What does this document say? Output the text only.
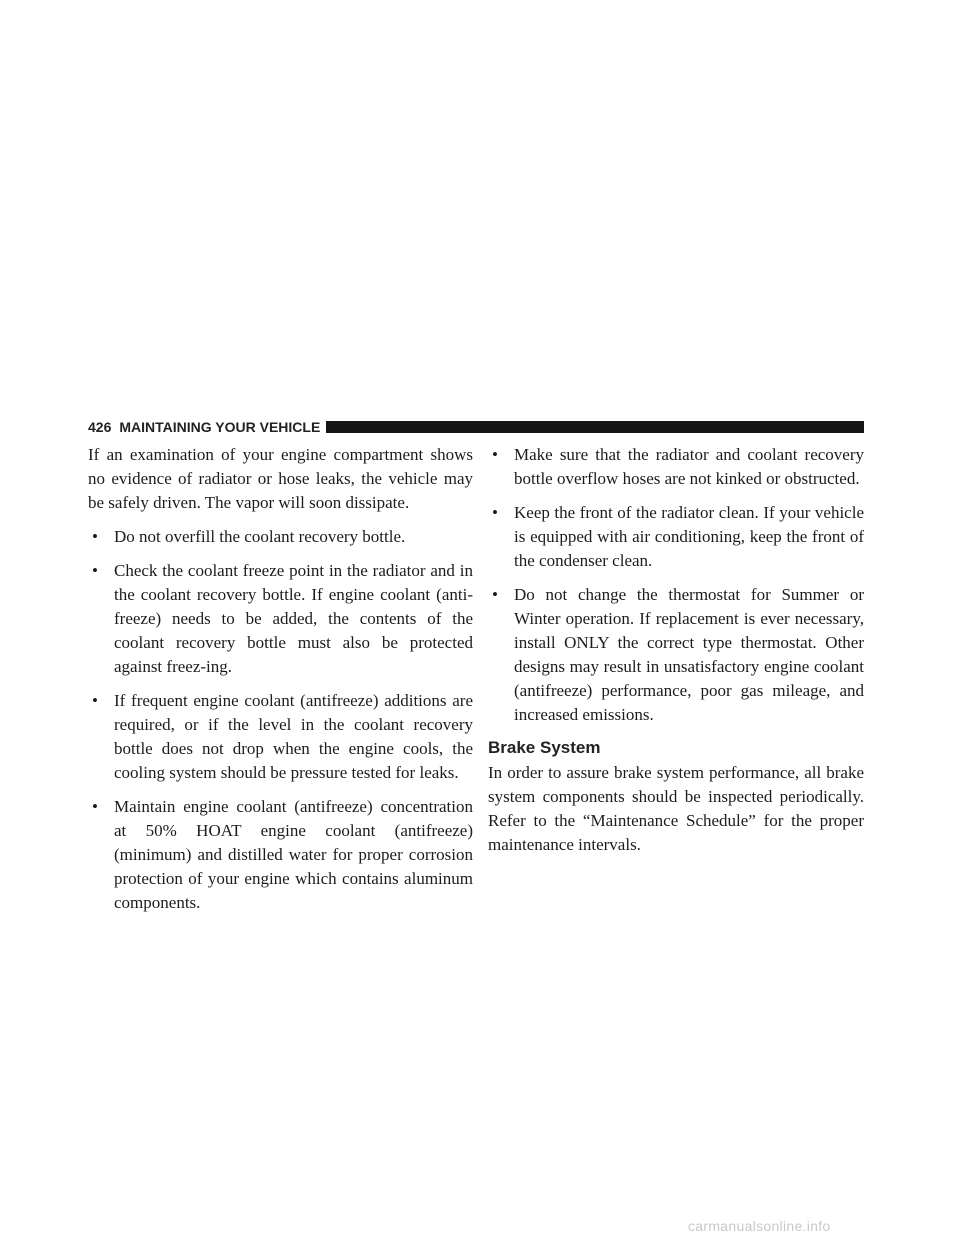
426 MAINTAINING YOUR VEHICLE

If an examination of your engine compartment shows no evidence of radiator or hose leaks, the vehicle may be safely driven. The vapor will soon dissipate.

• Do not overfill the coolant recovery bottle.
• Check the coolant freeze point in the radiator and in the coolant recovery bottle. If engine coolant (anti-freeze) needs to be added, the contents of the coolant recovery bottle must also be protected against freez-ing.
• If frequent engine coolant (antifreeze) additions are required, or if the level in the coolant recovery bottle does not drop when the engine cools, the cooling system should be pressure tested for leaks.
• Maintain engine coolant (antifreeze) concentration at 50% HOAT engine coolant (antifreeze) (minimum) and distilled water for proper corrosion protection of your engine which contains aluminum components.
• Make sure that the radiator and coolant recovery bottle overflow hoses are not kinked or obstructed.
• Keep the front of the radiator clean. If your vehicle is equipped with air conditioning, keep the front of the condenser clean.
• Do not change the thermostat for Summer or Winter operation. If replacement is ever necessary, install ONLY the correct type thermostat. Other designs may result in unsatisfactory engine coolant (antifreeze) performance, poor gas mileage, and increased emissions.
Brake System

In order to assure brake system performance, all brake system components should be inspected periodically. Refer to the “Maintenance Schedule” for the proper maintenance intervals.

carmanualsonline.info
